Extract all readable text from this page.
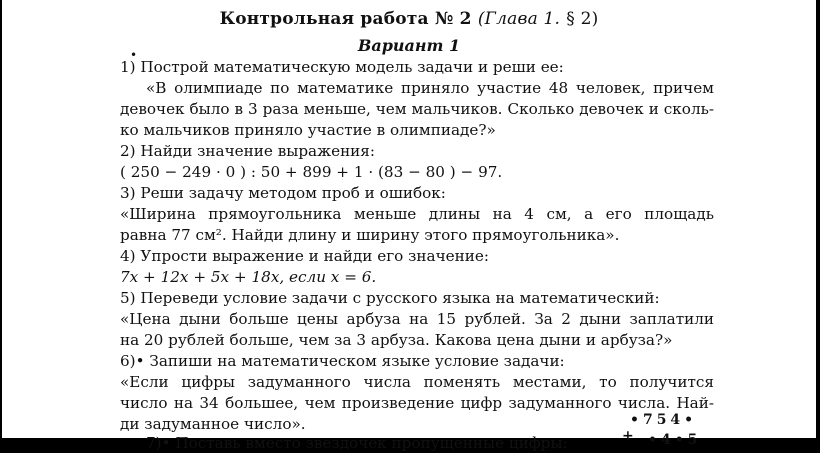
Контрольная работа № 2 (Глава 1. § 2)
Вариант 1
•
1) Построй математическую модель задачи и реши ее:
«В олимпиаде по математике приняло участие 48 человек, причем
девочек было в 3 раза меньше, чем мальчиков. Сколько девочек и сколь-
ко мальчиков приняло участие в олимпиаде?»
2) Найди значение выражения:
( 250 − 249 · 0 ) : 50 + 899 + 1 · (83 − 80 ) − 97.
3) Реши задачу методом проб и ошибок:
«Ширина прямоугольника меньше длины на 4 см, а его площадь
равна 77 см². Найди длину и ширину этого прямоугольника».
4) Упрости выражение и найди его значение:
7x + 12x + 5x + 18x, если x = 6.
5) Переведи условие задачи с русского языка на математический:
«Цена дыни больше цены арбуза на 15 рублей. За 2 дыни заплатили
на 20 рублей больше, чем за 3 арбуза. Какова цена дыни и арбуза?»
6)• Запиши на математическом языке условие задачи:
«Если цифры задуманного числа поменять местами, то получится
число на 34 большее, чем произведение цифр задуманного числа. Най-
ди задуманное число».
7)• Поставь вместо звездочек пропущенные цифры:
•754•
+ •4•5
